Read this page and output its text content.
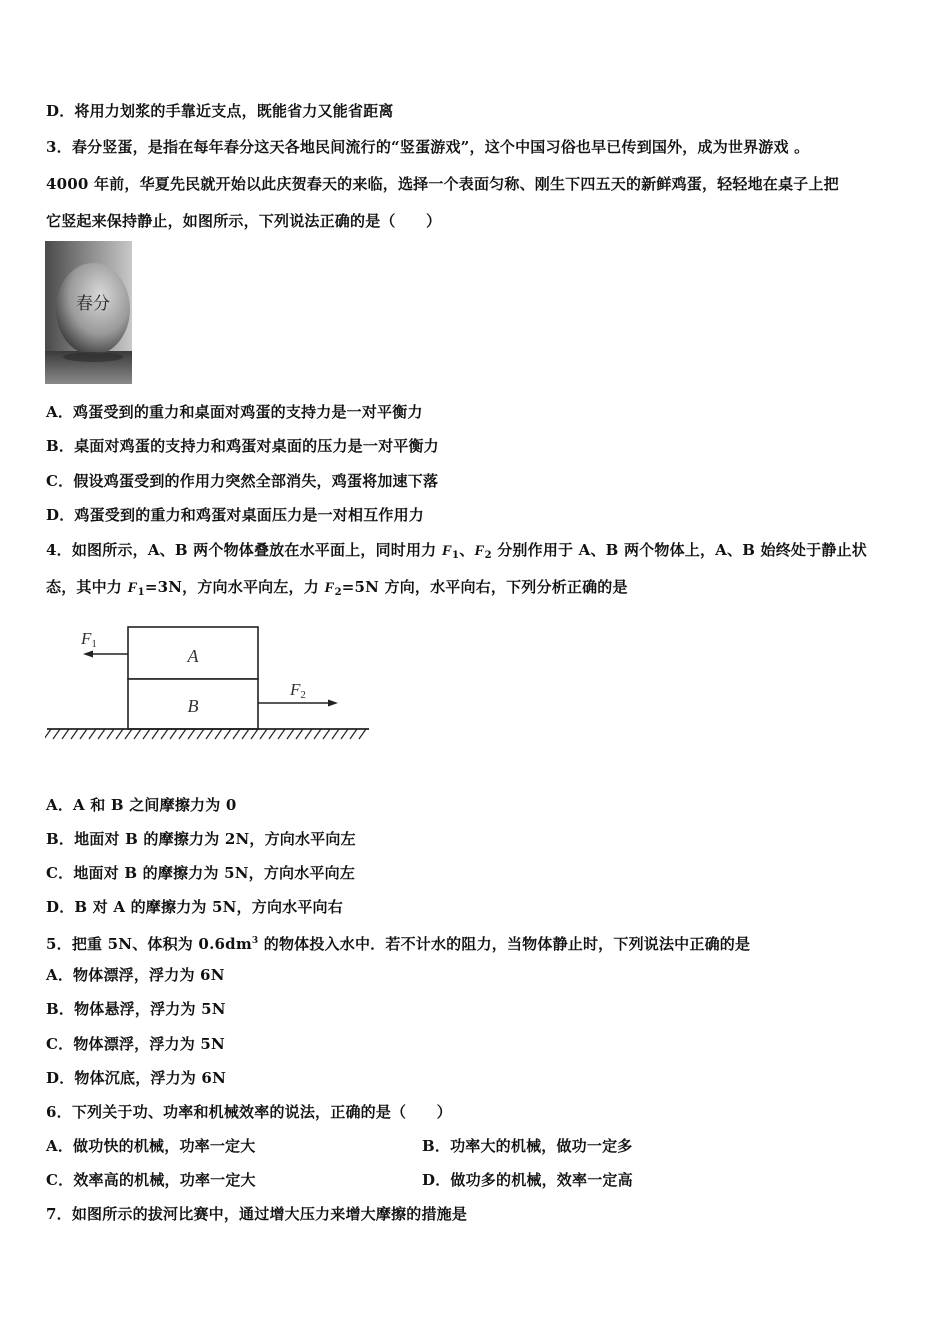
D．将用力划浆的手靠近支点，既能省力又能省距离
3．春分竖蛋，是指在每年春分这天各地民间流行的“竖蛋游戏”，这个中国习俗也早已传到国外，成为世界游戏 。
4000 年前，华夏先民就开始以此庆贺春天的来临，选择一个表面匀称、刚生下四五天的新鲜鸡蛋，轻轻地在桌子上把
它竖起来保持静止，如图所示，下列说法正确的是（　　）
春分
A．鸡蛋受到的重力和桌面对鸡蛋的支持力是一对平衡力
B．桌面对鸡蛋的支持力和鸡蛋对桌面的压力是一对平衡力
C．假设鸡蛋受到的作用力突然全部消失，鸡蛋将加速下落
D．鸡蛋受到的重力和鸡蛋对桌面压力是一对相互作用力
4．如图所示，A、B 两个物体叠放在水平面上，同时用力 $F_1$、$F_2$ 分别作用于 A、B 两个物体上，A、B 始终处于静止状
态，其中力 $F_1=3N$，方向水平向左，力 $F_2=5N$ 方向，水平向右，下列分析正确的是
A
B
F1
F2
A．A 和 B 之间摩擦力为 0
B．地面对 B 的摩擦力为 2N，方向水平向左
C．地面对 B 的摩擦力为 5N，方向水平向左
D．B 对 A 的摩擦力为 5N，方向水平向右
5．把重 5N、体积为 $0.6dm^3$ 的物体投入水中．若不计水的阻力，当物体静止时，下列说法中正确的是
A．物体漂浮，浮力为 6N
B．物体悬浮，浮力为 5N
C．物体漂浮，浮力为 5N
D．物体沉底，浮力为 6N
6．下列关于功、功率和机械效率的说法，正确的是（　　）
A．做功快的机械，功率一定大	B．功率大的机械，做功一定多
C．效率高的机械，功率一定大	D．做功多的机械，效率一定高
7．如图所示的拔河比赛中，通过增大压力来增大摩擦的措施是
